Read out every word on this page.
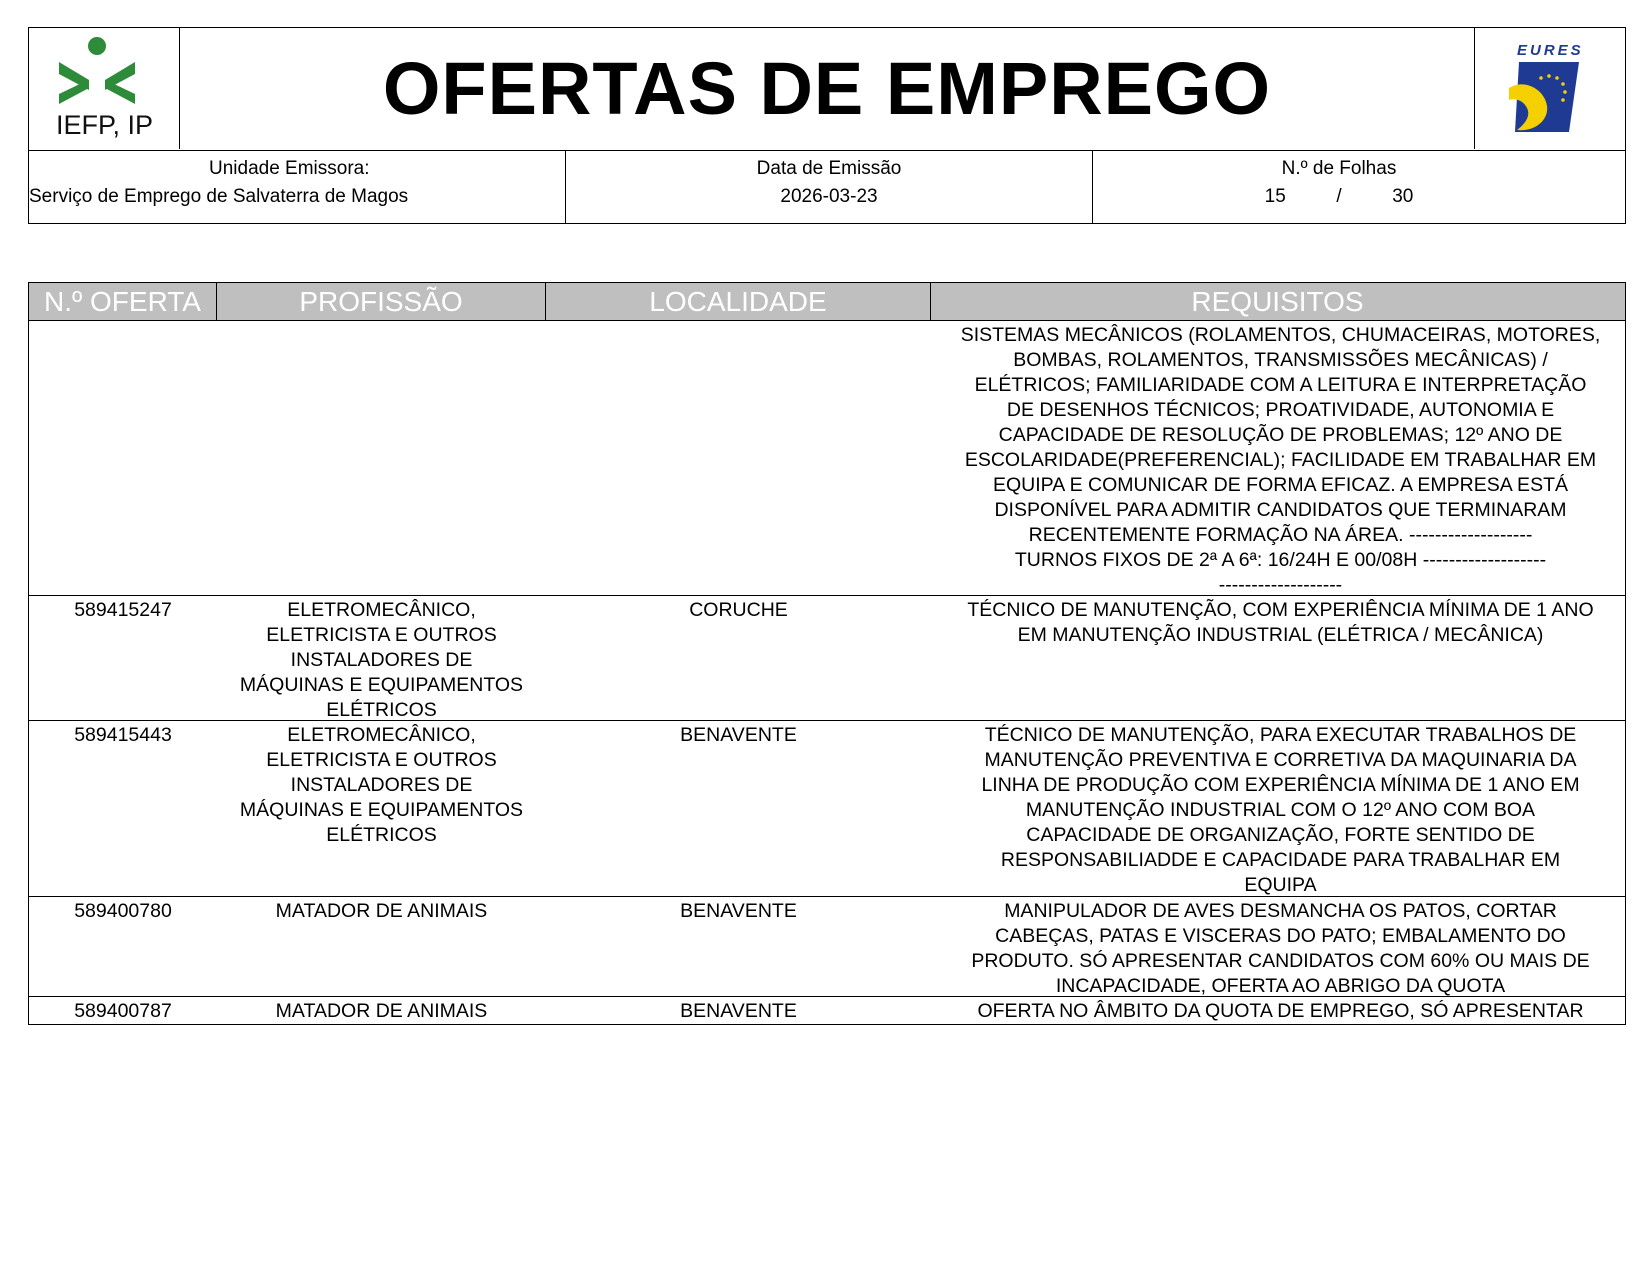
IEFP, IP	OFERTAS DE EMPREGO	EURES
Unidade Emissora:
Serviço de Emprego de Salvaterra de Magos
Data de Emissão
2026-03-23
N.º de Folhas
15	/	30
N.º OFERTA	PROFISSÃO	LOCALIDADE	REQUISITOS
SISTEMAS MECÂNICOS (ROLAMENTOS, CHUMACEIRAS, MOTORES,
BOMBAS, ROLAMENTOS, TRANSMISSÕES MECÂNICAS) /
ELÉTRICOS; FAMILIARIDADE COM A LEITURA E INTERPRETAÇÃO
DE DESENHOS TÉCNICOS; PROATIVIDADE, AUTONOMIA E
CAPACIDADE DE RESOLUÇÃO DE PROBLEMAS; 12º ANO DE
ESCOLARIDADE(PREFERENCIAL); FACILIDADE EM TRABALHAR EM
EQUIPA E COMUNICAR DE FORMA EFICAZ. A EMPRESA ESTÁ
DISPONÍVEL PARA ADMITIR CANDIDATOS QUE TERMINARAM
RECENTEMENTE FORMAÇÃO NA ÁREA. -------------------
TURNOS FIXOS DE 2ª A 6ª: 16/24H E 00/08H -------------------
-------------------
589415247	ELETROMECÂNICO,
ELETRICISTA E OUTROS
INSTALADORES DE
MÁQUINAS E EQUIPAMENTOS
ELÉTRICOS
CORUCHE	TÉCNICO DE MANUTENÇÃO, COM EXPERIÊNCIA MÍNIMA DE 1 ANO
EM MANUTENÇÃO INDUSTRIAL (ELÉTRICA / MECÂNICA)
589415443	ELETROMECÂNICO,
ELETRICISTA E OUTROS
INSTALADORES DE
MÁQUINAS E EQUIPAMENTOS
ELÉTRICOS
BENAVENTE	TÉCNICO DE MANUTENÇÃO, PARA EXECUTAR TRABALHOS DE
MANUTENÇÃO PREVENTIVA E CORRETIVA DA MAQUINARIA DA
LINHA DE PRODUÇÃO COM EXPERIÊNCIA MÍNIMA DE 1 ANO EM
MANUTENÇÃO INDUSTRIAL COM O 12º ANO COM BOA
CAPACIDADE DE ORGANIZAÇÃO, FORTE SENTIDO DE
RESPONSABILIADDE E CAPACIDADE PARA TRABALHAR EM
EQUIPA
589400780	MATADOR DE ANIMAIS	BENAVENTE	MANIPULADOR DE AVES DESMANCHA OS PATOS, CORTAR
CABEÇAS, PATAS E VISCERAS DO PATO; EMBALAMENTO DO
PRODUTO. SÓ APRESENTAR CANDIDATOS COM 60% OU MAIS DE
INCAPACIDADE, OFERTA AO ABRIGO DA QUOTA
589400787	MATADOR DE ANIMAIS	BENAVENTE	OFERTA NO ÂMBITO DA QUOTA DE EMPREGO, SÓ APRESENTAR
